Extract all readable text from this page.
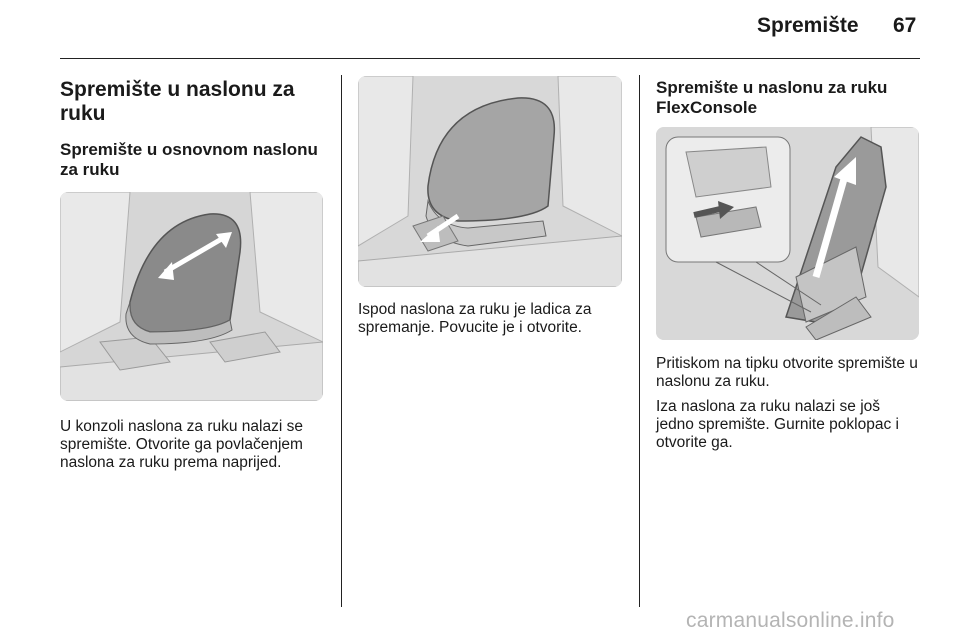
Spremište 67
Spremište u naslonu za ruku
Spremište u osnovnom naslonu za ruku

U konzoli naslona za ruku nalazi se spremište. Otvorite ga povlačenjem naslona za ruku prema naprijed.

Ispod naslona za ruku je ladica za spremanje. Povucite je i otvorite.

Spremište u naslonu za ruku FlexConsole

Pritiskom na tipku otvorite spremište u naslonu za ruku.

Iza naslona za ruku nalazi se još jedno spremište. Gurnite poklopac i otvorite ga.

carmanualsonline.info
